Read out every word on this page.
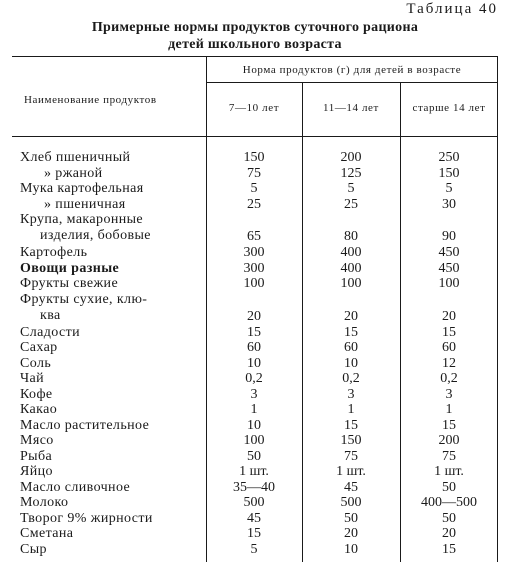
Таблица 40
Примерные нормы продуктов суточного рациона
детей школьного возраста
Наименование продуктов
Норма продуктов (г) для детей в возрасте
7—10 лет	11—14 лет	старше 14 лет
Хлеб пшеничный	150	200	250
» ржаной	75	125	150
Мука картофельная	5	5	5
» пшеничная	25	25	30
Крупа, макаронные
изделия, бобовые	65	80	90
Картофель	300	400	450
Овощи разные	300	400	450
Фрукты свежие	100	100	100
Фрукты сухие, клю-
ква	20	20	20
Сладости	15	15	15
Сахар	60	60	60
Соль	10	10	12
Чай	0,2	0,2	0,2
Кофе	3	3	3
Какао	1	1	1
Масло растительное	10	15	15
Мясо	100	150	200
Рыба	50	75	75
Яйцо	1 шт.	1 шт.	1 шт.
Масло сливочное	35—40	45	50
Молоко	500	500	400—500
Творог 9% жирности	45	50	50
Сметана	15	20	20
Сыр	5	10	15
